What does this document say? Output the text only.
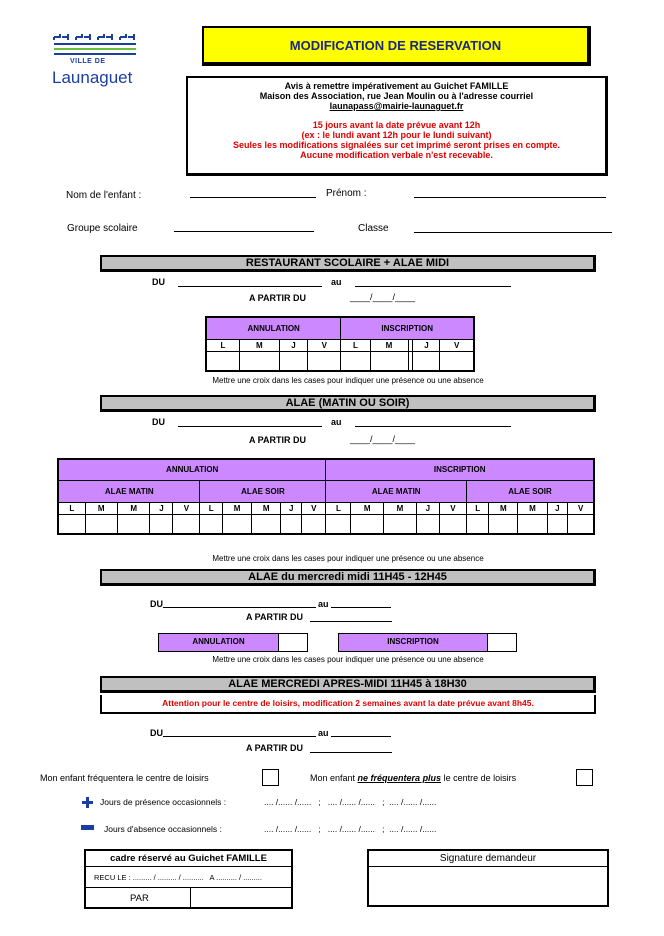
VILLE DE
Launaguet
MODIFICATION DE RESERVATION
Avis à remettre impérativement au Guichet FAMILLE
Maison des Association, rue Jean Moulin ou à l'adresse courriel
launapass@mairie-launaguet.fr
15 jours avant la date prévue avant 12h
(ex : le lundi avant 12h pour le lundi suivant)
Seules les modifications signalées sur cet imprimé seront prises en compte.
Aucune modification verbale n'est recevable.
Nom de l'enfant :	Prénom :
Groupe scolaire	Classe
RESTAURANT SCOLAIRE + ALAE MIDI
DU	au
A PARTIR DU	____/____/____
ANNULATION				INSCRIPTION				
L	M	J	V	L	M		J	V

Mettre une croix dans les cases pour indiquer une présence ou une absence
ALAE (MATIN OU SOIR)
DU	au
A PARTIR DU	____/____/____
ANNULATION										INSCRIPTION									
ALAE MATIN					ALAE SOIR					ALAE MATIN					ALAE SOIR				
L	M	M	J	V	L	M	M	J	V	L	M	M	J	V	L	M	M	J	V

Mettre une croix dans les cases pour indiquer une présence ou une absence
ALAE du mercredi midi 11H45 - 12H45
DU	au
A PARTIR DU
ANNULATION	INSCRIPTION
Mettre une croix dans les cases pour indiquer une présence ou une absence
ALAE MERCREDI APRES-MIDI 11H45 à 18H30
Attention pour le centre de loisirs, modification 2 semaines avant la date prévue avant 8h45.
DU	au
A PARTIR DU
Mon enfant fréquentera le centre de loisirs	Mon enfant ne fréquentera plus le centre de loisirs
Jours de présence occasionnels :	.... /...... /......   ;   .... /...... /......   ;  .... /...... /......
Jours d'absence occasionnels :	.... /...... /......   ;   .... /...... /......   ;  .... /...... /......
cadre réservé au Guichet FAMILLE
RECU LE : ......... / ......... / ..........   A .......... / .........
PAR
Signature demandeur
